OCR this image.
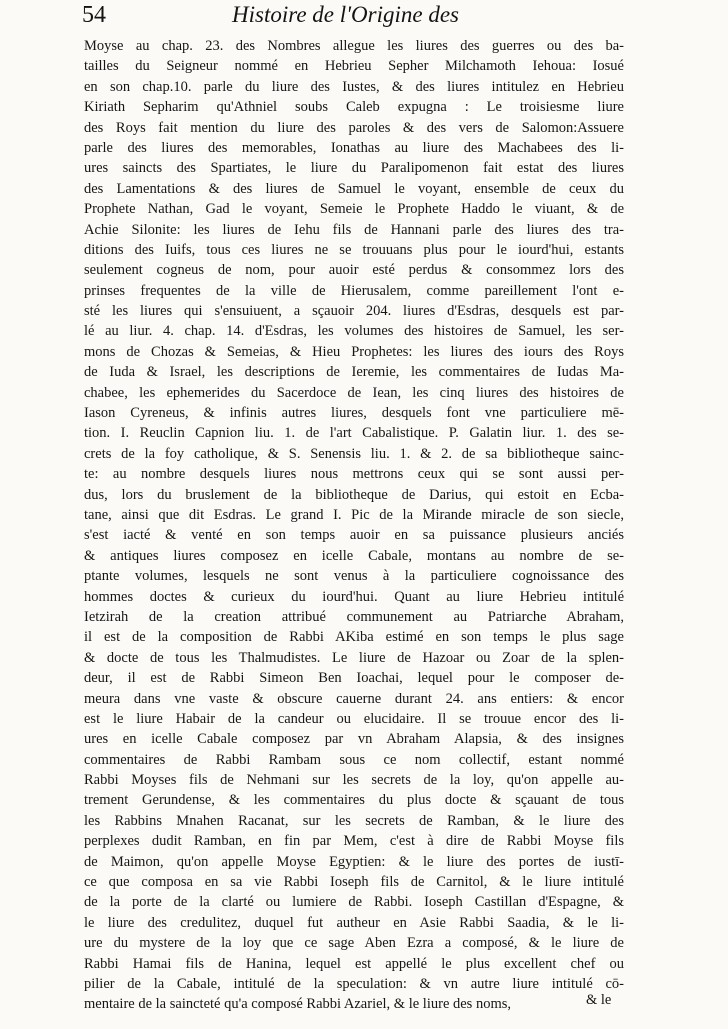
54	Histoire de l'Origine des
Moyse au chap. 23. des Nombres allegue les liures des guerres ou des ba-
tailles du Seigneur nommé en Hebrieu Sepher Milchamoth Iehoua: Iosué
en son chap.10. parle du liure des Iustes, & des liures intitulez en Hebrieu
Kiriath Sepharim qu'Athniel soubs Caleb expugna : Le troisiesme liure
des Roys fait mention du liure des paroles & des vers de Salomon:Assuere
parle des liures des memorables, Ionathas au liure des Machabees des li-
ures saincts des Spartiates, le liure du Paralipomenon fait estat des liures
des Lamentations & des liures de Samuel le voyant, ensemble de ceux du
Prophete Nathan, Gad le voyant, Semeie le Prophete Haddo le viuant, & de
Achie Silonite: les liures de Iehu fils de Hannani parle des liures des tra-
ditions des Iuifs, tous ces liures ne se trouuans plus pour le iourd'hui, estants
seulement cogneus de nom, pour auoir esté perdus & consommez lors des
prinses frequentes de la ville de Hierusalem, comme pareillement l'ont e-
sté les liures qui s'ensuiuent, a sçauoir 204. liures d'Esdras, desquels est par-
lé au liur. 4. chap. 14. d'Esdras, les volumes des histoires de Samuel, les ser-
mons de Chozas & Semeias, & Hieu Prophetes: les liures des iours des Roys
de Iuda & Israel, les descriptions de Ieremie, les commentaires de Iudas Ma-
chabee, les ephemerides du Sacerdoce de Iean, les cinq liures des histoires de
Iason Cyreneus, & infinis autres liures, desquels font vne particuliere mē-
tion. I. Reuclin Capnion liu. 1. de l'art Cabalistique. P. Galatin liur. 1. des se-
crets de la foy catholique, & S. Senensis liu. 1. & 2. de sa bibliotheque sainc-
te: au nombre desquels liures nous mettrons ceux qui se sont aussi per-
dus, lors du bruslement de la bibliotheque de Darius, qui estoit en Ecba-
tane, ainsi que dit Esdras. Le grand I. Pic de la Mirande miracle de son siecle,
s'est iacté & venté en son temps auoir en sa puissance plusieurs anciés
& antiques liures composez en icelle Cabale, montans au nombre de se-
ptante volumes, lesquels ne sont venus à la particuliere cognoissance des
hommes doctes & curieux du iourd'hui. Quant au liure Hebrieu intitulé
Ietzirah de la creation attribué communement au Patriarche Abraham,
il est de la composition de Rabbi AKiba estimé en son temps le plus sage
& docte de tous les Thalmudistes. Le liure de Hazoar ou Zoar de la splen-
deur, il est de Rabbi Simeon Ben Ioachai, lequel pour le composer de-
meura dans vne vaste & obscure cauerne durant 24. ans entiers: & encor
est le liure Habair de la candeur ou elucidaire. Il se trouue encor des li-
ures en icelle Cabale composez par vn Abraham Alapsia, & des insignes
commentaires de Rabbi Rambam sous ce nom collectif, estant nommé
Rabbi Moyses fils de Nehmani sur les secrets de la loy, qu'on appelle au-
trement Gerundense, & les commentaires du plus docte & sçauant de tous
les Rabbins Mnahen Racanat, sur les secrets de Ramban, & le liure des
perplexes dudit Ramban, en fin par Mem, c'est à dire de Rabbi Moyse fils
de Maimon, qu'on appelle Moyse Egyptien: & le liure des portes de iustī-
ce que composa en sa vie Rabbi Ioseph fils de Carnitol, & le liure intitulé
de la porte de la clarté ou lumiere de Rabbi. Ioseph Castillan d'Espagne, &
le liure des credulitez, duquel fut autheur en Asie Rabbi Saadia, & le li-
ure du mystere de la loy que ce sage Aben Ezra a composé, & le liure de
Rabbi Hamai fils de Hanina, lequel est appellé le plus excellent chef ou
pilier de la Cabale, intitulé de la speculation: & vn autre liure intitulé cō-
mentaire de la saincteté qu'a composé Rabbi Azariel, & le liure des noms,	& le
